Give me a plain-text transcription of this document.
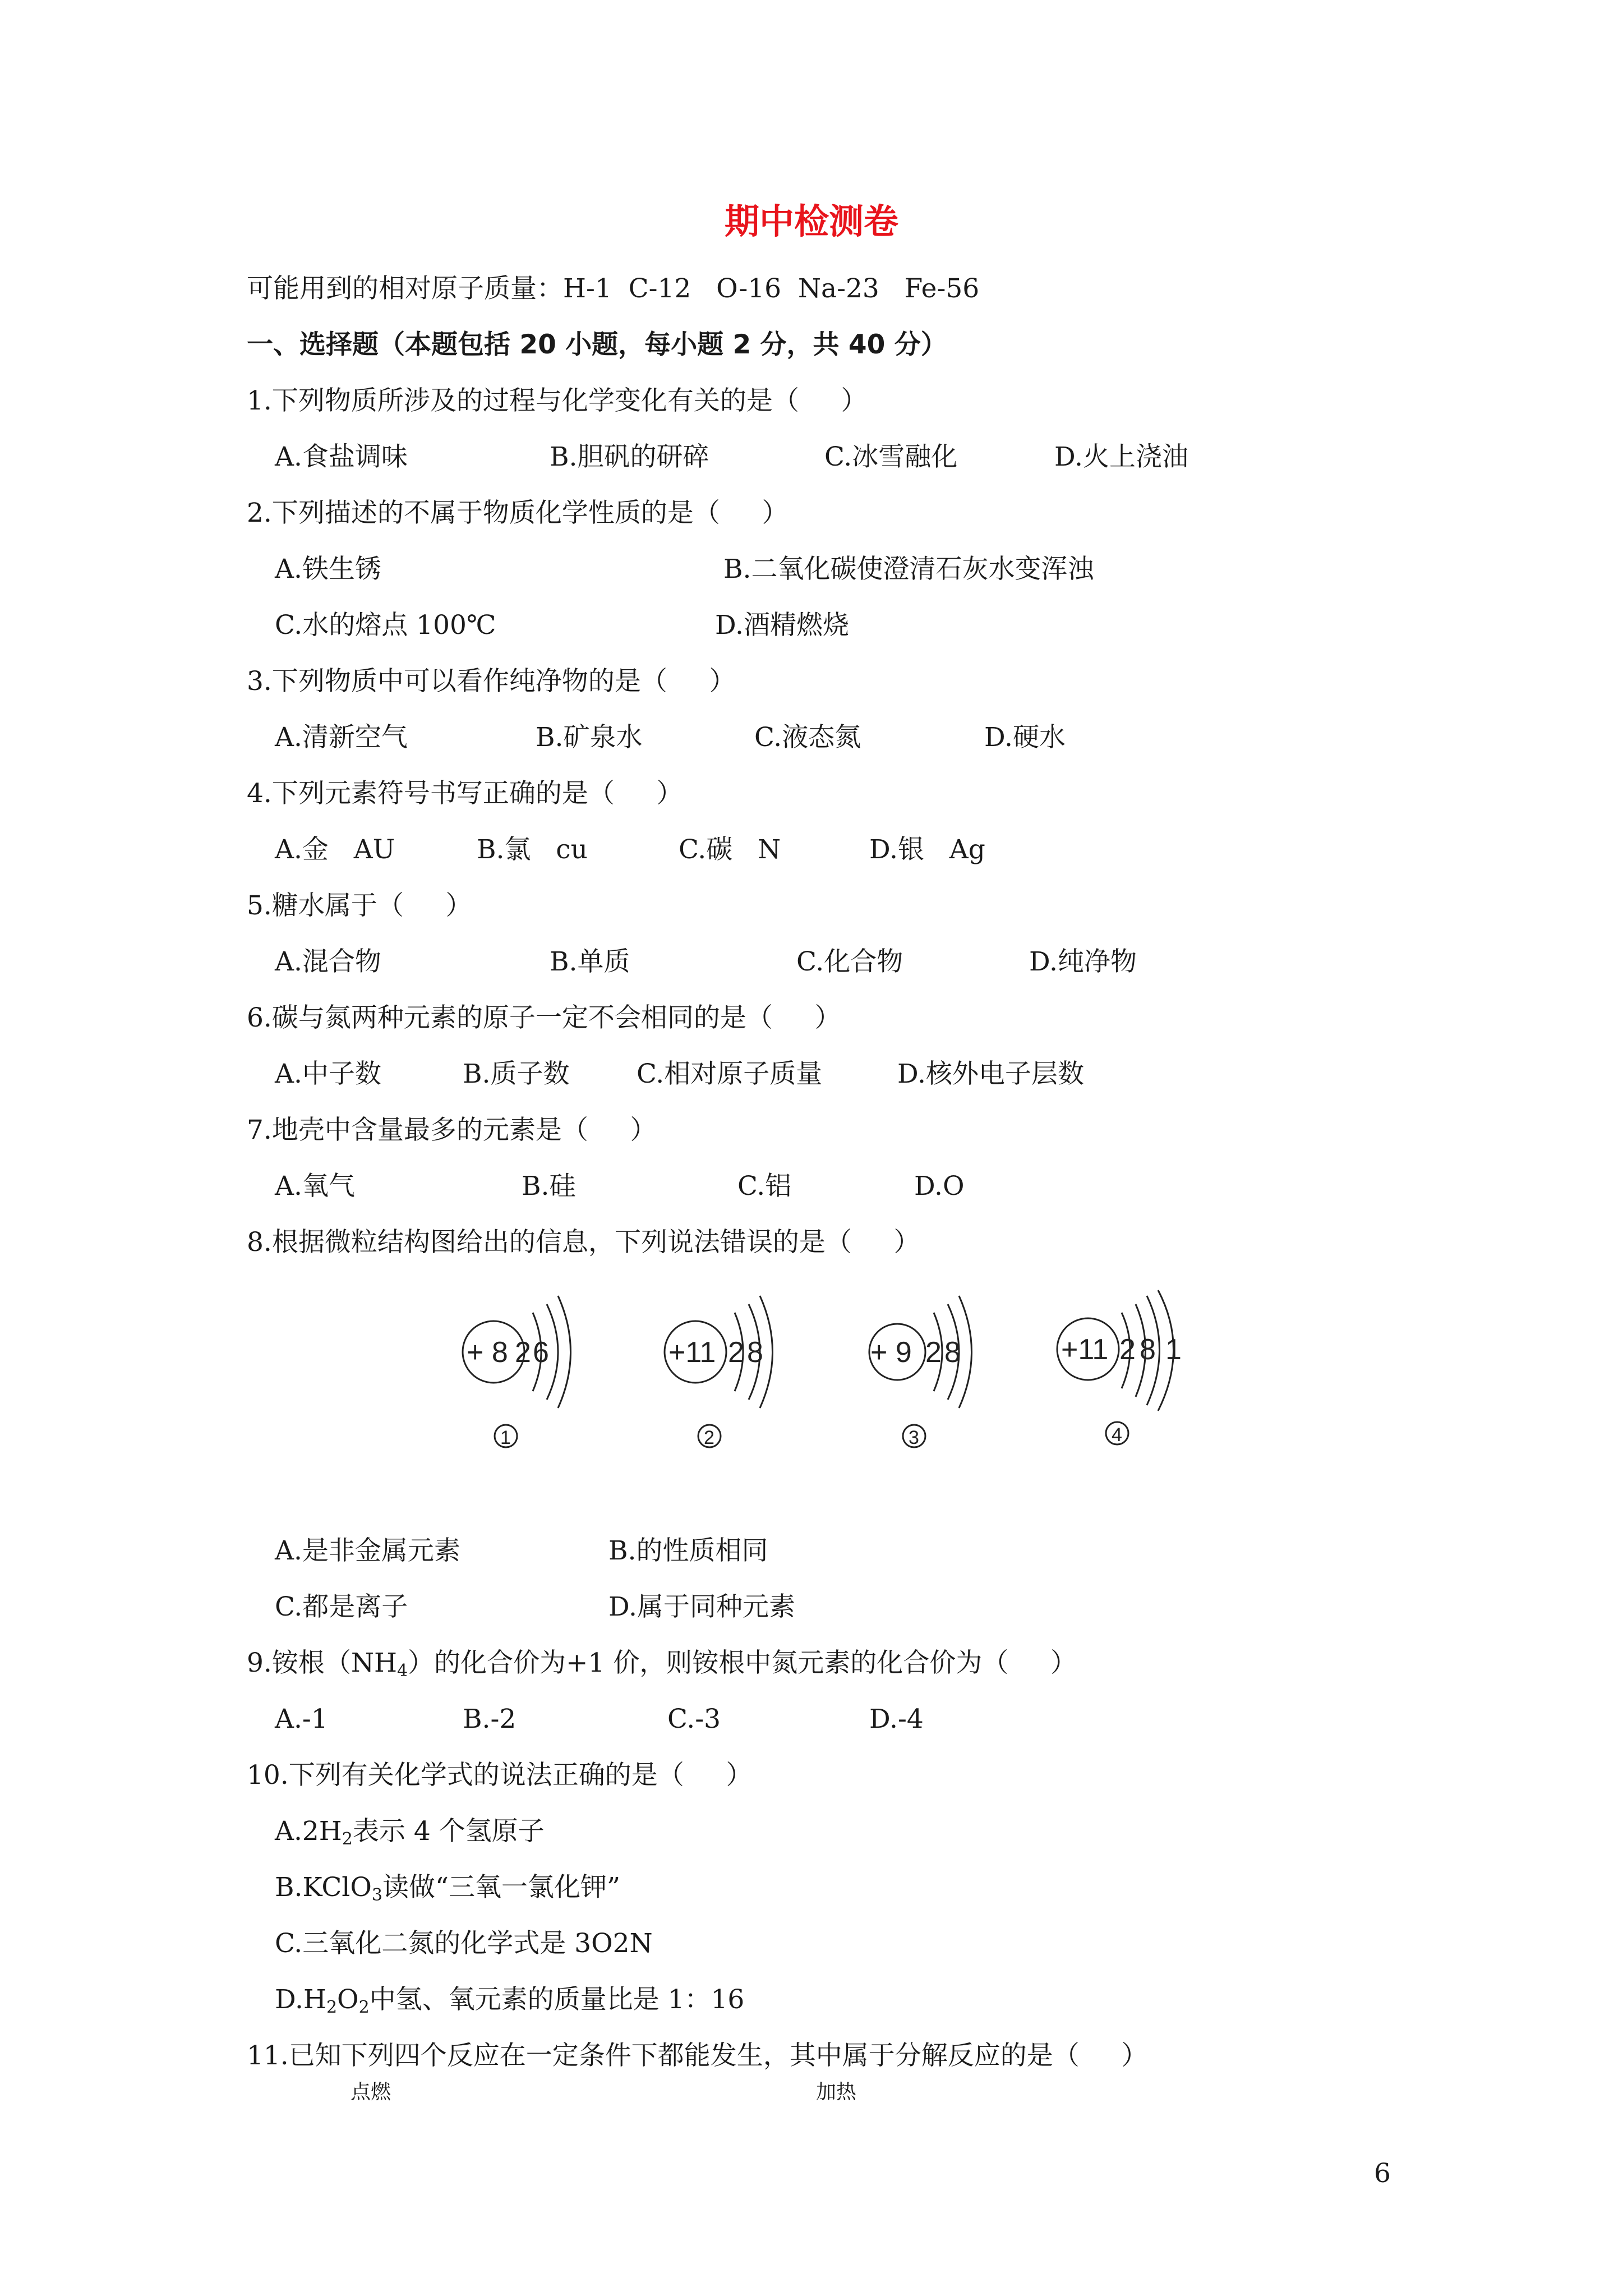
期中检测卷
可能用到的相对原子质量：H-1  C-12   O-16  Na-23   Fe-56
一、选择题（本题包括 20 小题，每小题 2 分，共 40 分）
1.下列物质所涉及的过程与化学变化有关的是（     ）
A.食盐调味	B.胆矾的研碎	C.冰雪融化	D.火上浇油
2.下列描述的不属于物质化学性质的是（     ）
A.铁生锈	B.二氧化碳使澄清石灰水变浑浊
C.水的熔点 100℃	D.酒精燃烧
3.下列物质中可以看作纯净物的是（     ）
A.清新空气	B.矿泉水	C.液态氮	D.硬水
4.下列元素符号书写正确的是（     ）
A.金   AU	B.氯   cu	C.碳   N	D.银   Ag
5.糖水属于（     ）
A.混合物	B.单质	C.化合物	D.纯净物
6.碳与氮两种元素的原子一定不会相同的是（     ）
A.中子数	B.质子数	C.相对原子质量	D.核外电子层数
7.地壳中含量最多的元素是（     ）
A.氧气	B.硅	C.铝	D.O
8.根据微粒结构图给出的信息，下列说法错误的是（     ）
+ 8 2 6
1
+11 2 8
2
+ 9 2 8
3
+11 2 8 1
4
A.是非金属元素	B.的性质相同
C.都是离子	D.属于同种元素
9.铵根$(NH_4)$的化合价为+1 价，则铵根中氮元素的化合价为（     ）
A.-1	B.-2	C.-3	D.-4
10.下列有关化学式的说法正确的是（     ）
$A.2H_2$表示 4 个氢原子
B.KClO$_3$读做“三氧一氯化钾”
C.三氧化二氮的化学式是 3O2N
$D.H_2O_2$中氢、氧元素的质量比是 1：16
11.已知下列四个反应在一定条件下都能发生，其中属于分解反应的是（     ）
点燃	加热
6
